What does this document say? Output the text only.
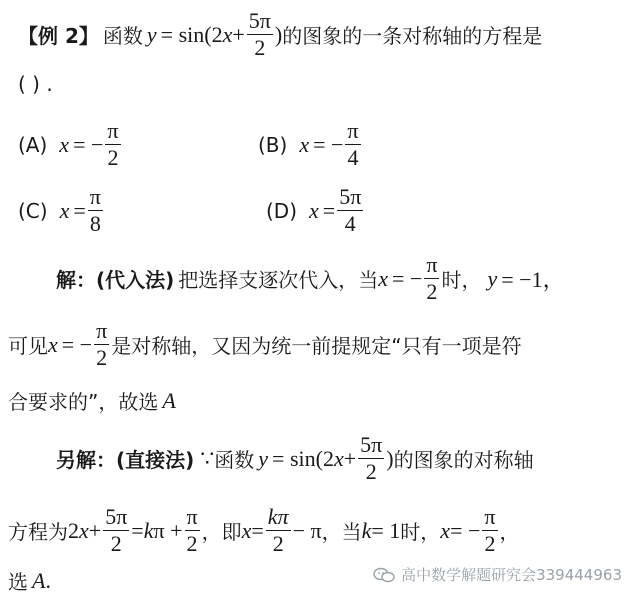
【例 2】 函数 y = sin(2 $x + \frac{5\pi}{2}$ ) 的图象的一条对称轴的方程是
( ) .
(A) x = − $\frac{\pi}{2}$	(B) x = − $\frac{\pi}{4}$
(C) $x = \frac{\pi}{8}$	(D) $x = \frac{5\pi}{4}$
解：(代入法) 把选择支逐次代入，当 x = − $\frac{\pi}{2}$ 时， y = −1，
可见 x = − $\frac{\pi}{2}$ 是对称轴，又因为统一前提规定“只有一项是符
合要求的”，故选 A
另解：(直接法) ∵ 函数 y = sin(2 $x + \frac{5\pi}{2}$ ) 的图象的对称轴
方程为 2 $x + \frac{5\pi}{2} = k$ $\pi + \frac{\pi}{2}$ ，即 $x = \frac{k\pi}{2} - \pi$ ，当 k = 1 时， x = − $\frac{\pi}{2}$ ，
选 A .	高中数学解题研究会339444963
